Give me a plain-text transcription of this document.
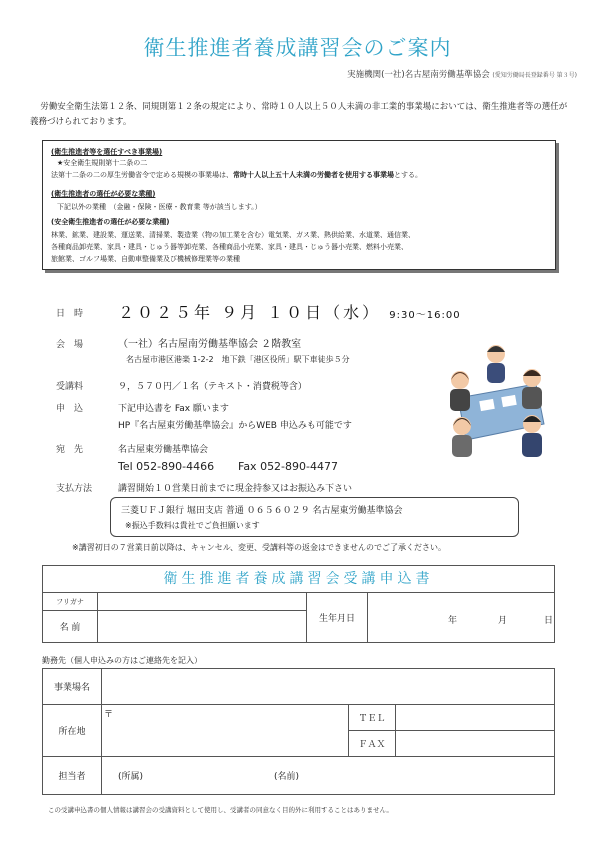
衛生推進者養成講習会のご案内
実施機関(一社)名古屋南労働基準協会 (愛知労働局長登録番号 第３号)
労働安全衛生法第１２条、同規則第１２条の規定により、常時１０人以上５０人未満の非工業的事業場においては、衛生推進者等の選任が義務づけられております。
(衛生推進者等を選任すべき事業場)
★安全衛生規則第十二条の二
法第十二条の二の厚生労働省令で定める規模の事業場は、常時十人以上五十人未満の労働者を使用する事業場とする。
(衛生推進者の選任が必要な業種)
下記以外の業種　（金融・保険・医療・教育業 等が該当します。）
(安全衛生推進者の選任が必要な業種)
林業、鉱業、建設業、運送業、清掃業、製造業（物の加工業を含む）電気業、ガス業、熱供給業、水道業、通信業、
各種商品卸売業、家具・建具・じゅう器等卸売業、各種商品小売業、家具・建具・じゅう器小売業、燃料小売業、
旅館業、ゴルフ場業、自動車整備業及び機械修理業等の業種
日　時 ２０２５年 ９月 １０日（水） 9:30～16:00
会　場	（一社）名古屋南労働基準協会 ２階教室
名古屋市港区港楽 1-2-2　地下鉄「港区役所」駅下車徒歩５分
受講料	９，５７０円／１名（テキスト・消費税等含）
申　込	下記申込書を Fax 願います
HP『名古屋東労働基準協会』からWEB 申込みも可能です
宛　先	名古屋東労働基準協会
Tel 052-890-4466 Fax 052-890-4477
支払方法	講習開始１０営業日前までに現金持参又はお振込み下さい
三菱ＵＦＪ銀行 堀田支店 普通 ０６５６０２９ 名古屋東労働基準協会
※振込手数料は貴社でご負担願います
※講習初日の７営業日前以降は、キャンセル、変更、受講料等の返金はできませんのでご了承ください。
衛生推進者養成講習会受講申込書
フリガナ		生年月日	年 月 日

名 前			
勤務先（個人申込みの方はご連絡先を記入）
事業場名			
所在地	〒	ＴＥＬ	
		ＦＡＸ	
担当者	(所属) (名前)		
この受講申込書の個人情報は講習会の受講資料として使用し、受講者の同意なく目的外に利用することはありません。
